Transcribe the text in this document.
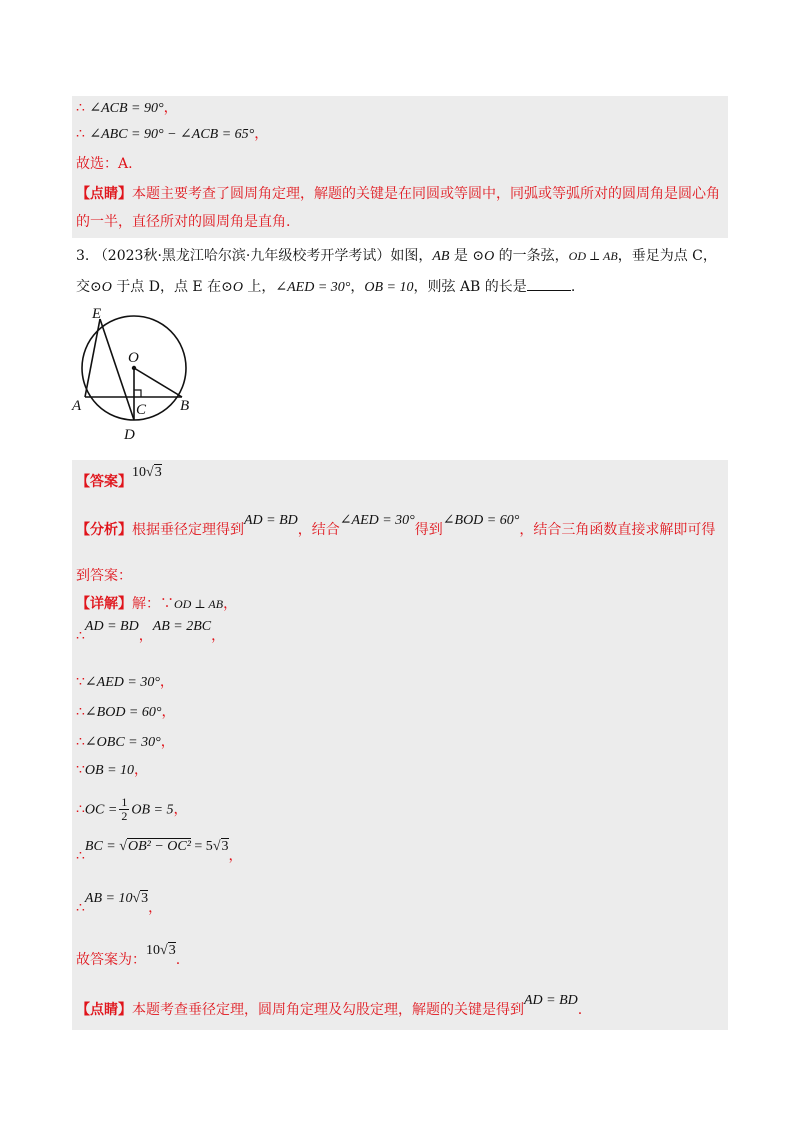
∴ ∠ACB = 90°，
∴ ∠ABC = 90° − ∠ACB = 65°，
故选：A.
【点睛】本题主要考查了圆周角定理，解题的关键是在同圆或等圆中，同弧或等弧所对的圆周角是圆心角
的一半，直径所对的圆周角是直角.
3. （2023秋·黑龙江哈尔滨·九年级校考开学考试）如图，AB 是 ⊙O 的一条弦，OD ⊥ AB，垂足为点 C，
交⊙O 于点 D，点 E 在⊙O 上，∠AED = 30°，OB = 10，则弦 AB 的长是	.
E
O
A	B
C
D
【答案】10√3
【分析】根据垂径定理得到AD = BD，结合∠AED = 30°得到∠BOD = 60°，结合三角函数直接求解即可得
到答案：
【详解】解：∵OD ⊥ AB，
∴AD = BD，AB = 2BC，
∵∠AED = 30°，
∴∠BOD = 60°，
∴∠OBC = 30°，
∵OB = 10，
∴OC = $\frac{1}{2}$ OB = 5，
∴BC = √OB² − OC² = 5√3，
∴AB = 10√3，
故答案为：10√3.
【点睛】本题考查垂径定理，圆周角定理及勾股定理，解题的关键是得到AD = BD.
